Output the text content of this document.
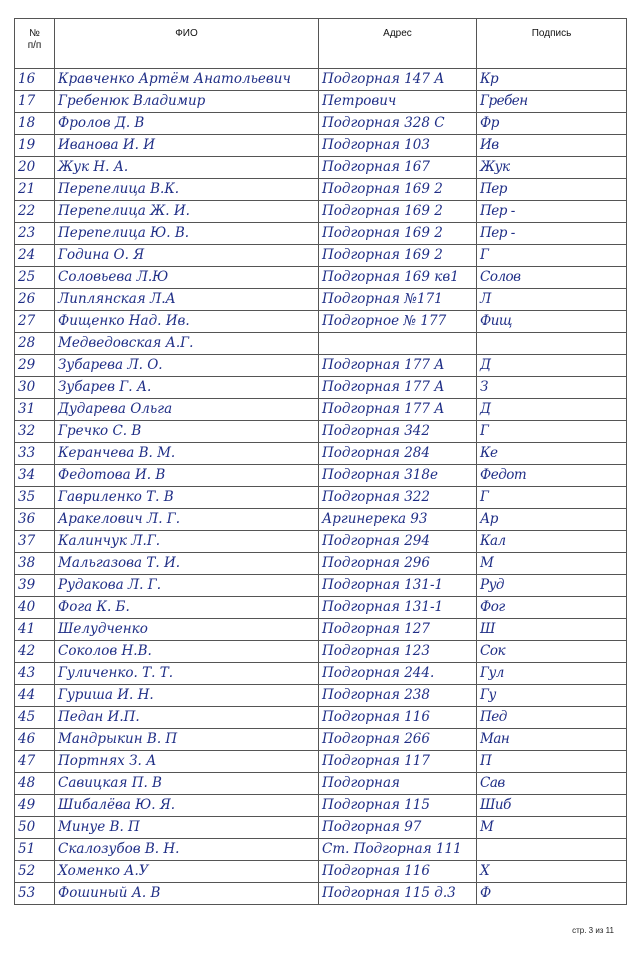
№
п/п	ФИО	Адрес	Подпись
16	Кравченко Артём Анатольевич	Подгорная 147 А	Кр
17	Гребенюк Владимир	Петрович	Гребен
18	Фролов Д. В	Подгорная 328 С	Фр
19	Иванова И. И	Подгорная 103	Ив
20	Жук Н. А.	Подгорная 167	Жук
21	Перепелица В.К.	Подгорная 169 2	Пер
22	Перепелица Ж. И.	Подгорная 169 2	Пер -
23	Перепелица Ю. В.	Подгорная 169 2	Пер -
24	Година О. Я	Подгорная 169 2	Г
25	Соловьева Л.Ю	Подгорная 169 кв1	Солов
26	Липлянская Л.А	Подгорная №171	Л
27	Фищенко Над. Ив.	Подгорное № 177	Фищ
28	Медведовская А.Г.		
29	Зубарева Л. О.	Подгорная 177 А	Д
30	Зубарев Г. А.	Подгорная 177 А	З
31	Дударева Ольга	Подгорная 177 А	Д
32	Гречко С. В	Подгорная 342	Г
33	Керанчева В. М.	Подгорная 284	Ке
34	Федотова И. В	Подгорная 318е	Федот
35	Гавриленко Т. В	Подгорная 322	Г
36	Аракелович Л. Г.	Аргинерека 93	Ар
37	Калинчук Л.Г.	Подгорная 294	Кал
38	Мальгазова Т. И.	Подгорная 296	М
39	Рудакова Л. Г.	Подгорная 131-1	Руд
40	Фога К. Б.	Подгорная 131-1	Фог
41	Шелудченко	Подгорная 127	Ш
42	Соколов Н.В.	Подгорная 123	Сок
43	Гуличенко. Т. Т.	Подгорная 244.	Гул
44	Гуриша И. Н.	Подгорная 238	Гу
45	Педан И.П.	Подгорная 116	Пед
46	Мандрыкин В. П	Подгорная 266	Ман
47	Портнях З. А	Подгорная 117	П
48	Савицкая П. В	Подгорная	Сав
49	Шибалёва Ю. Я.	Подгорная 115	Шиб
50	Минуе В. П	Подгорная 97	М
51	Скалозубов В. Н.	Ст. Подгорная 111	
52	Хоменко А.У	Подгорная 116	Х
53	Фошиный А. В	Подгорная 115 д.3	Ф
стр. 3 из 11
